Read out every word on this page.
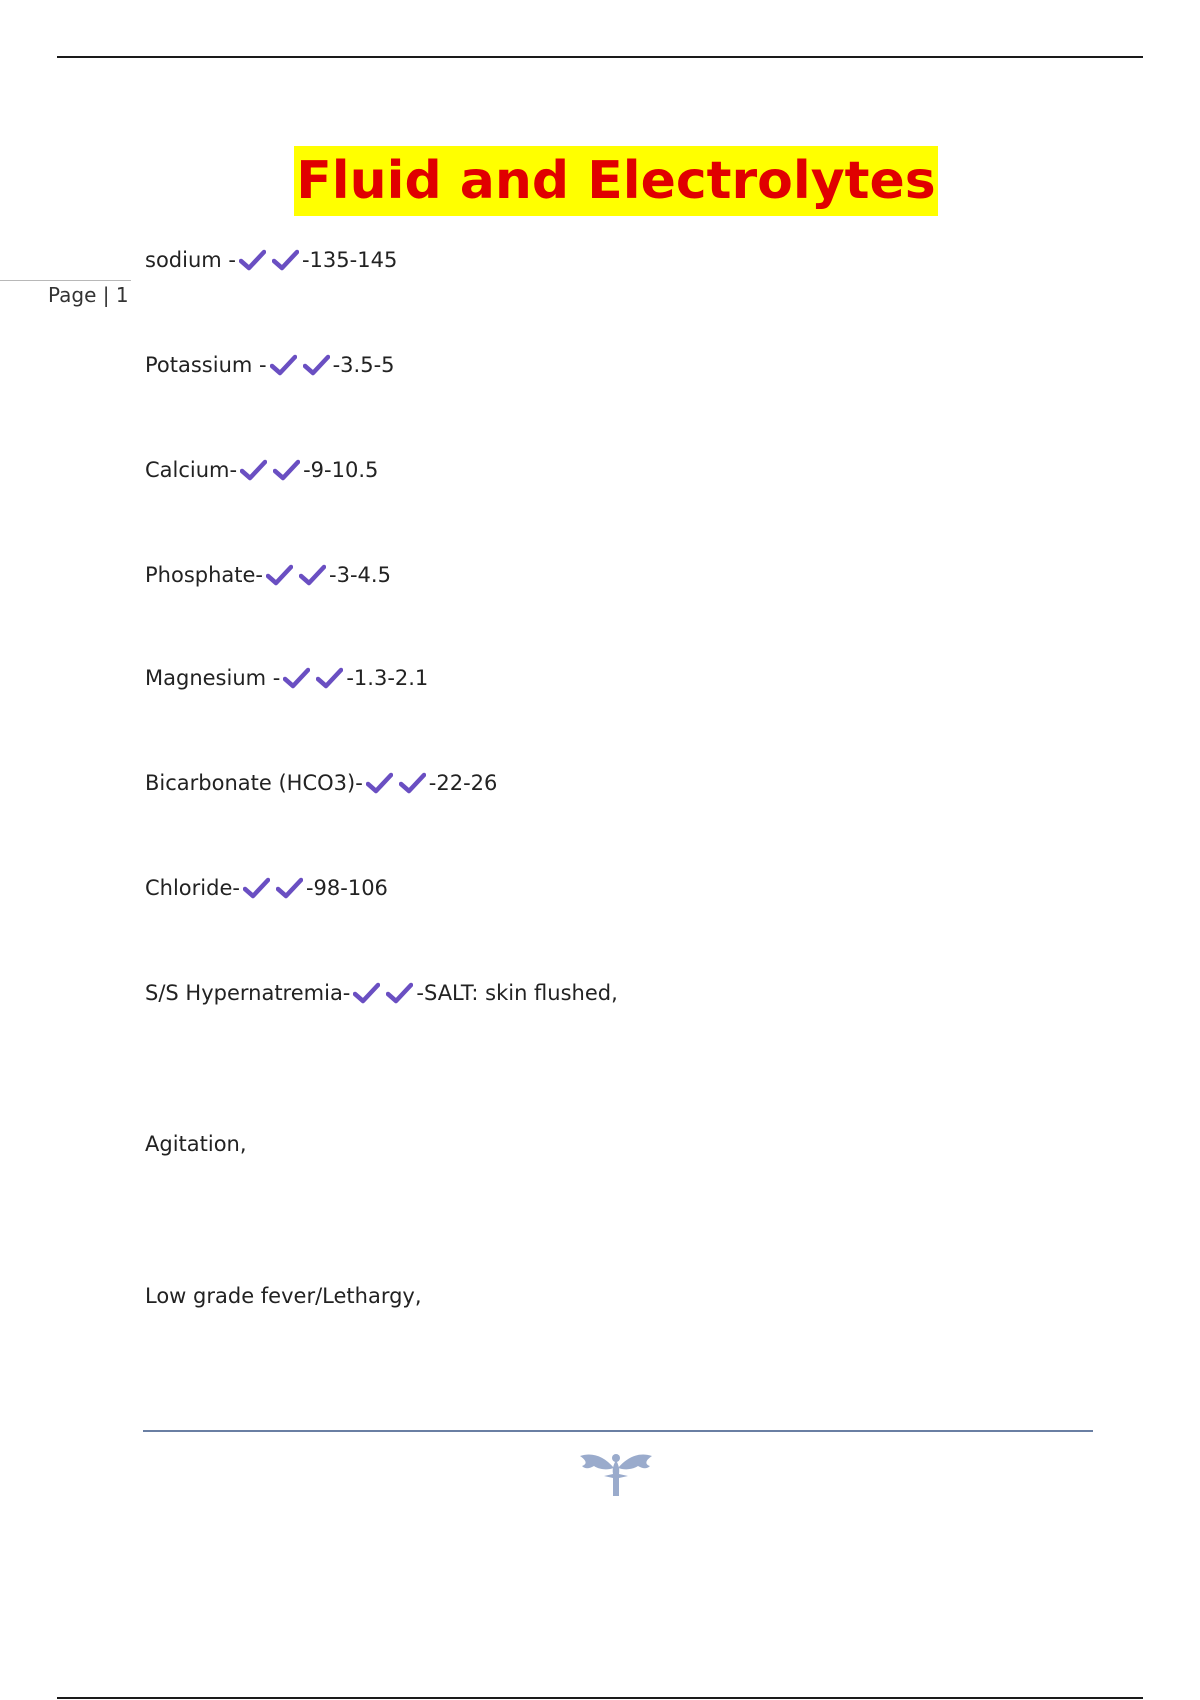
Fluid and Electrolytes
Page | 1
sodium -	-135-145
Potassium -	-3.5-5
Calcium-	-9-10.5
Phosphate-	-3-4.5
Magnesium -	-1.3-2.1
Bicarbonate (HCO3)-	-22-26
Chloride-	-98-106
S/S Hypernatremia-	-SALT: skin flushed,
Agitation,
Low grade fever/Lethargy,
